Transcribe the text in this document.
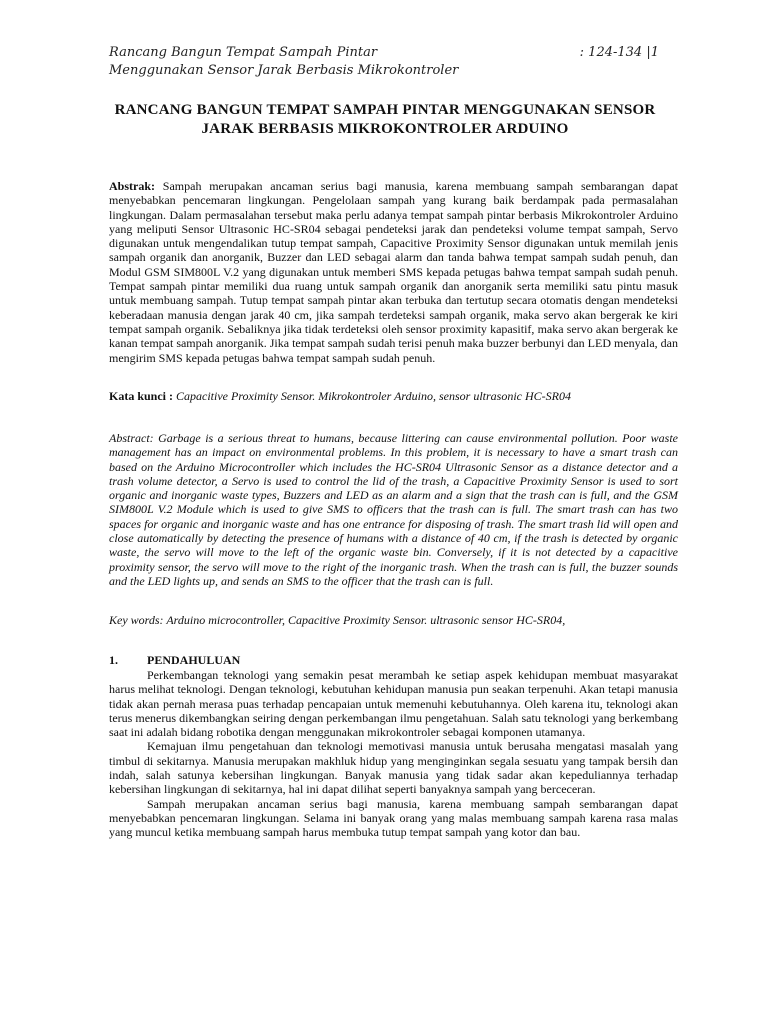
Rancang Bangun Tempat Sampah Pintar
Menggunakan Sensor Jarak Berbasis Mikrokontroler
: 124-134 |1
RANCANG BANGUN TEMPAT SAMPAH PINTAR MENGGUNAKAN SENSOR
JARAK BERBASIS MIKROKONTROLER ARDUINO
Abstrak: Sampah merupakan ancaman serius bagi manusia, karena membuang sampah sembarangan dapat menyebabkan pencemaran lingkungan. Pengelolaan sampah yang kurang baik berdampak pada permasalahan lingkungan. Dalam permasalahan tersebut maka perlu adanya tempat sampah pintar berbasis Mikrokontroler Arduino yang meliputi Sensor Ultrasonic HC-SR04 sebagai pendeteksi jarak dan pendeteksi volume tempat sampah, Servo digunakan untuk mengendalikan tutup tempat sampah, Capacitive Proximity Sensor digunakan untuk memilah jenis sampah organik dan anorganik, Buzzer dan LED sebagai alarm dan tanda bahwa tempat sampah sudah penuh, dan Modul GSM SIM800L V.2 yang digunakan untuk memberi SMS kepada petugas bahwa tempat sampah sudah penuh. Tempat sampah pintar memiliki dua ruang untuk sampah organik dan anorganik serta memiliki satu pintu masuk untuk membuang sampah. Tutup tempat sampah pintar akan terbuka dan tertutup secara otomatis dengan mendeteksi keberadaan manusia dengan jarak 40 cm, jika sampah terdeteksi sampah organik, maka servo akan bergerak ke kiri tempat sampah organik. Sebaliknya jika tidak terdeteksi oleh sensor proximity kapasitif, maka servo akan bergerak ke kanan tempat sampah anorganik. Jika tempat sampah sudah terisi penuh maka buzzer berbunyi dan LED menyala, dan mengirim SMS kepada petugas bahwa tempat sampah sudah penuh.
Kata kunci : Capacitive Proximity Sensor. Mikrokontroler Arduino, sensor ultrasonic HC-SR04
Abstract: Garbage is a serious threat to humans, because littering can cause environmental pollution. Poor waste management has an impact on environmental problems. In this problem, it is necessary to have a smart trash can based on the Arduino Microcontroller which includes the HC-SR04 Ultrasonic Sensor as a distance detector and a trash volume detector, a Servo is used to control the lid of the trash, a Capacitive Proximity Sensor is used to sort organic and inorganic waste types, Buzzers and LED as an alarm and a sign that the trash can is full, and the GSM SIM800L V.2 Module which is used to give SMS to officers that the trash can is full. The smart trash can has two spaces for organic and inorganic waste and has one entrance for disposing of trash. The smart trash lid will open and close automatically by detecting the presence of humans with a distance of 40 cm, if the trash is detected by organic waste, the servo will move to the left of the organic waste bin. Conversely, if it is not detected by a capacitive proximity sensor, the servo will move to the right of the inorganic trash. When the trash can is full, the buzzer sounds and the LED lights up, and sends an SMS to the officer that the trash can is full.
Key words: Arduino microcontroller, Capacitive Proximity Sensor. ultrasonic sensor HC-SR04,
1. PENDAHULUAN

Perkembangan teknologi yang semakin pesat merambah ke setiap aspek kehidupan membuat masyarakat harus melihat teknologi. Dengan teknologi, kebutuhan kehidupan manusia pun seakan terpenuhi. Akan tetapi manusia tidak akan pernah merasa puas terhadap pencapaian untuk memenuhi kebutuhannya. Oleh karena itu, teknologi akan terus menerus dikembangkan seiring dengan perkembangan ilmu pengetahuan. Salah satu teknologi yang berkembang saat ini adalah bidang robotika dengan menggunakan mikrokontroler sebagai komponen utamanya.

Kemajuan ilmu pengetahuan dan teknologi memotivasi manusia untuk berusaha mengatasi masalah yang timbul di sekitarnya. Manusia merupakan makhluk hidup yang menginginkan segala sesuatu yang tampak bersih dan indah, salah satunya kebersihan lingkungan. Banyak manusia yang tidak sadar akan kepeduliannya terhadap kebersihan lingkungan di sekitarnya, hal ini dapat dilihat seperti banyaknya sampah yang berceceran.

Sampah merupakan ancaman serius bagi manusia, karena membuang sampah sembarangan dapat menyebabkan pencemaran lingkungan. Selama ini banyak orang yang malas membuang sampah karena rasa malas yang muncul ketika membuang sampah harus membuka tutup tempat sampah yang kotor dan bau.
